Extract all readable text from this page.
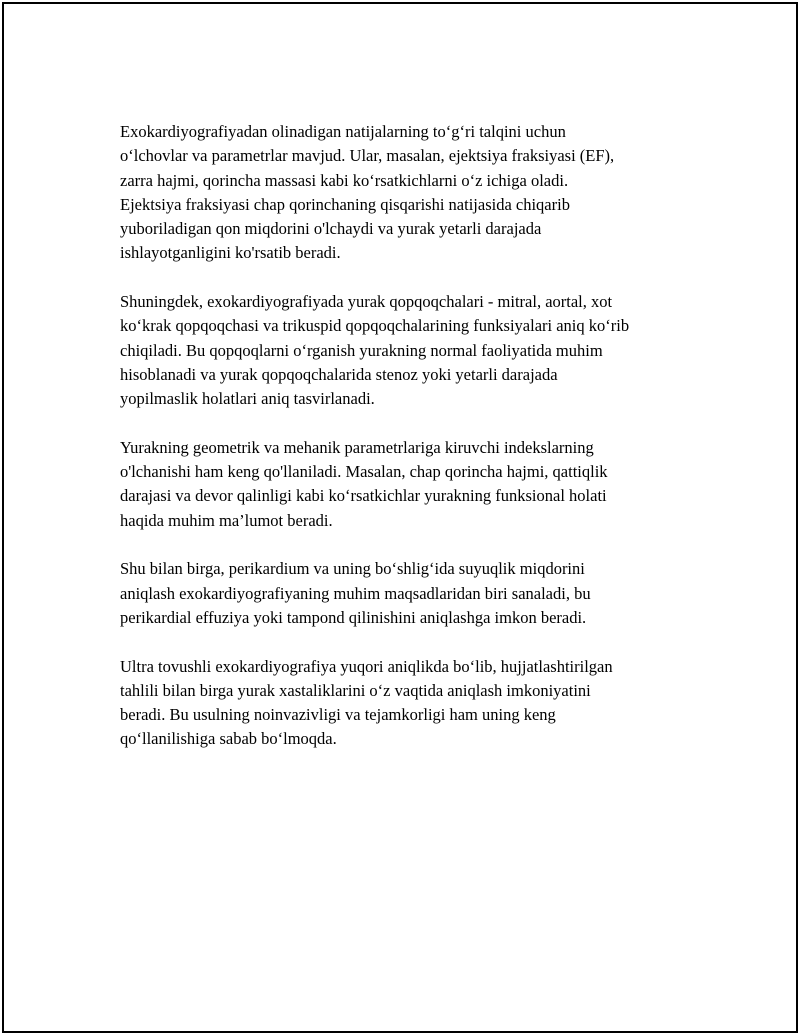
Exokardiyografiyadan olinadigan natijalarning to‘g‘ri talqini uchun
o‘lchovlar va parametrlar mavjud. Ular, masalan, ejektsiya fraksiyasi (EF),
zarra hajmi, qorincha massasi kabi ko‘rsatkichlarni o‘z ichiga oladi.
Ejektsiya fraksiyasi chap qorinchaning qisqarishi natijasida chiqarib
yuboriladigan qon miqdorini o'lchaydi va yurak yetarli darajada
ishlayotganligini ko'rsatib beradi.

Shuningdek, exokardiyografiyada yurak qopqoqchalari - mitral, aortal, xot
ko‘krak qopqoqchasi va trikuspid qopqoqchalarining funksiyalari aniq ko‘rib
chiqiladi. Bu qopqoqlarni o‘rganish yurakning normal faoliyatida muhim
hisoblanadi va yurak qopqoqchalarida stenoz yoki yetarli darajada
yopilmaslik holatlari aniq tasvirlanadi.

Yurakning geometrik va mehanik parametrlariga kiruvchi indekslarning
o'lchanishi ham keng qo'llaniladi. Masalan, chap qorincha hajmi, qattiqlik
darajasi va devor qalinligi kabi ko‘rsatkichlar yurakning funksional holati
haqida muhim ma’lumot beradi.

Shu bilan birga, perikardium va uning bo‘shlig‘ida suyuqlik miqdorini
aniqlash exokardiyografiyaning muhim maqsadlaridan biri sanaladi, bu
perikardial effuziya yoki tampond qilinishini aniqlashga imkon beradi.

Ultra tovushli exokardiyografiya yuqori aniqlikda bo‘lib, hujjatlashtirilgan
tahlili bilan birga yurak xastaliklarini o‘z vaqtida aniqlash imkoniyatini
beradi. Bu usulning noinvazivligi va tejamkorligi ham uning keng
qo‘llanilishiga sabab bo‘lmoqda.
